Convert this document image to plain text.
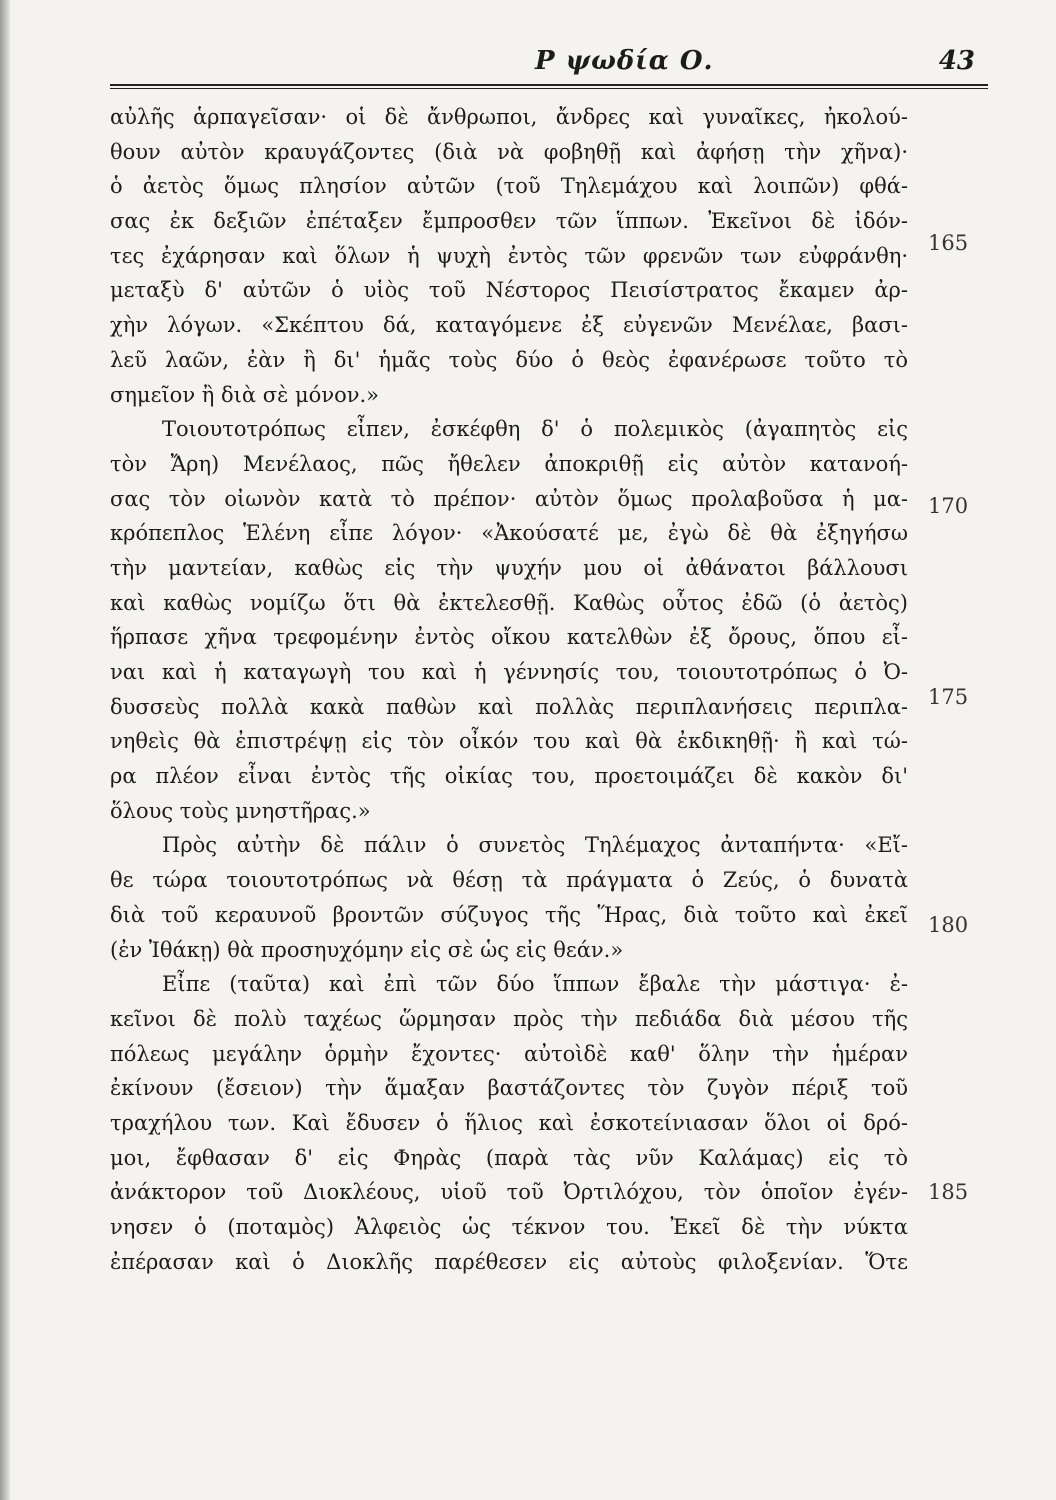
Ρ ψωδία Ο.	43
αὐλῆς ἁρπαγεῖσαν· οἱ δὲ ἄνθρωποι, ἄνδρες καὶ γυναῖκες, ἠκολού-
θουν αὐτὸν κραυγάζοντες (διὰ νὰ φοβηθῇ καὶ ἀφήσῃ τὴν χῆνα)·
ὁ ἀετὸς ὅμως πλησίον αὐτῶν (τοῦ Τηλεμάχου καὶ λοιπῶν) φθά-
σας ἐκ δεξιῶν ἐπέταξεν ἔμπροσθεν τῶν ἵππων. Ἐκεῖνοι δὲ ἰδόν-
τες ἐχάρησαν καὶ ὅλων ἡ ψυχὴ ἐντὸς τῶν φρενῶν των εὐφράνθη·
μεταξὺ δ' αὐτῶν ὁ υἱὸς τοῦ Νέστορος Πεισίστρατος ἔκαμεν ἀρ-
χὴν λόγων. «Σκέπτου δά, καταγόμενε ἐξ εὐγενῶν Μενέλαε, βασι-
λεῦ λαῶν, ἐὰν ἢ δι' ἡμᾶς τοὺς δύο ὁ θεὸς ἐφανέρωσε τοῦτο τὸ
σημεῖον ἢ διὰ σὲ μόνον.»
Τοιουτοτρόπως εἶπεν, ἐσκέφθη δ' ὁ πολεμικὸς (ἀγαπητὸς εἰς
τὸν Ἄρη) Μενέλαος, πῶς ἤθελεν ἀποκριθῇ εἰς αὐτὸν κατανοή-
σας τὸν οἰωνὸν κατὰ τὸ πρέπον· αὐτὸν ὅμως προλαβοῦσα ἡ μα-
κρόπεπλος Ἑλένη εἶπε λόγον· «Ἀκούσατέ με, ἐγὼ δὲ θὰ ἐξηγήσω
τὴν μαντείαν, καθὼς εἰς τὴν ψυχήν μου οἱ ἀθάνατοι βάλλουσι
καὶ καθὼς νομίζω ὅτι θὰ ἐκτελεσθῇ. Καθὼς οὗτος ἐδῶ (ὁ ἀετὸς)
ἥρπασε χῆνα τρεφομένην ἐντὸς οἴκου κατελθὼν ἐξ ὄρους, ὅπου εἶ-
ναι καὶ ἡ καταγωγὴ του καὶ ἡ γέννησίς του, τοιουτοτρόπως ὁ Ὀ-
δυσσεὺς πολλὰ κακὰ παθὼν καὶ πολλὰς περιπλανήσεις περιπλα-
νηθεὶς θὰ ἐπιστρέψῃ εἰς τὸν οἶκόν του καὶ θὰ ἐκδικηθῇ· ἢ καὶ τώ-
ρα πλέον εἶναι ἐντὸς τῆς οἰκίας του, προετοιμάζει δὲ κακὸν δι'
ὅλους τοὺς μνηστῆρας.»
Πρὸς αὐτὴν δὲ πάλιν ὁ συνετὸς Τηλέμαχος ἀνταπήντα· «Εἴ-
θε τώρα τοιουτοτρόπως νὰ θέσῃ τὰ πράγματα ὁ Ζεύς, ὁ δυνατὰ
διὰ τοῦ κεραυνοῦ βροντῶν σύζυγος τῆς Ἥρας, διὰ τοῦτο καὶ ἐκεῖ
(ἐν Ἰθάκῃ) θὰ προσηυχόμην εἰς σὲ ὡς εἰς θεάν.»
Εἶπε (ταῦτα) καὶ ἐπὶ τῶν δύο ἵππων ἔβαλε τὴν μάστιγα· ἐ-
κεῖνοι δὲ πολὺ ταχέως ὥρμησαν πρὸς τὴν πεδιάδα διὰ μέσου τῆς
πόλεως μεγάλην ὁρμὴν ἔχοντες· αὐτοὶδὲ καθ' ὅλην τὴν ἡμέραν
ἐκίνουν (ἔσειον) τὴν ἅμαξαν βαστάζοντες τὸν ζυγὸν πέριξ τοῦ
τραχήλου των. Καὶ ἔδυσεν ὁ ἥλιος καὶ ἐσκοτείνιασαν ὅλοι οἱ δρό-
μοι, ἔφθασαν δ' εἰς Φηρὰς (παρὰ τὰς νῦν Καλάμας) εἰς τὸ
ἀνάκτορον τοῦ Διοκλέους, υἱοῦ τοῦ Ὀρτιλόχου, τὸν ὁποῖον ἐγέν-
νησεν ὁ (ποταμὸς) Ἀλφειὸς ὡς τέκνον του. Ἐκεῖ δὲ τὴν νύκτα
ἐπέρασαν καὶ ὁ Διοκλῆς παρέθεσεν εἰς αὐτοὺς φιλοξενίαν. Ὅτε
165
170
175
180
185
